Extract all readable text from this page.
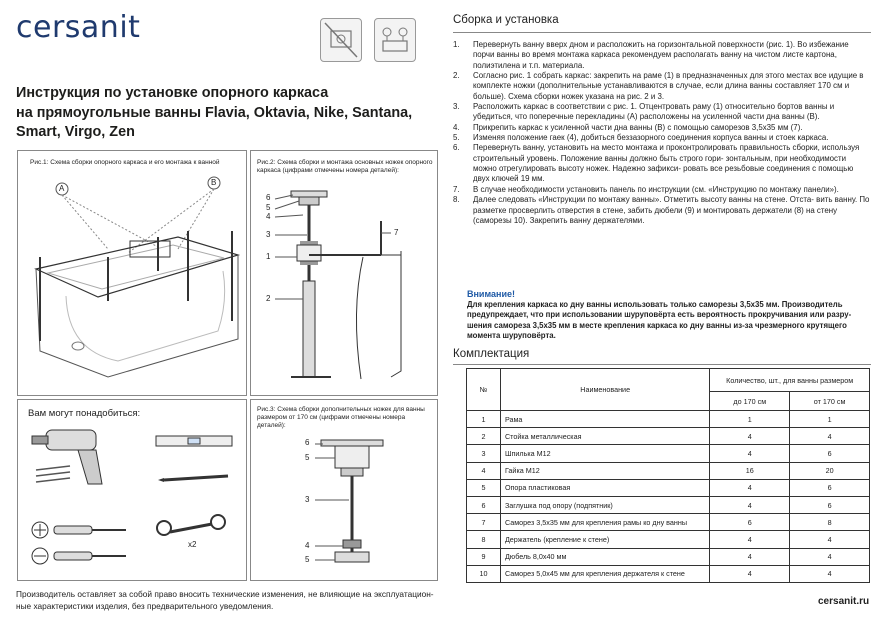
cersanit
Инструкция по установке опорного каркаса
на прямоугольные ванны Flavia, Oktavia, Nike, Santana,
Smart, Virgo, Zen
Рис.1: Схема сборки опорного каркаса и его монтажа к ванной
A
B
Рис.2: Схема сборки и монтажа основных ножек опорного каркаса (цифрами отмечены номера деталей):
6
5
4
3
1
2
7
Вам могут понадобиться:
x2
Рис.3: Схема сборки дополнительных ножек для ванны размером от 170 см (цифрами отмечены номера деталей):
6
5
3
4
5
Производитель оставляет за собой право вносить технические изменения, не влияющие на эксплуатацион- ные характеристики изделия, без предварительного уведомления.
Сборка и установка
1.	Перевернуть ванну вверх дном и расположить на горизонтальной поверхности (рис. 1). Во избежание порчи ванны во время монтажа каркаса рекомендуем располагать ванну на чистом листе картона, полиэтилена и т.п. материала.
2.	Согласно рис. 1 собрать каркас: закрепить на раме (1) в предназначенных для этого местах все идущие в комплекте ножки (дополнительные устанавливаются в случае, если длина ванны составляет 170 см и больше). Схема сборки ножек указана на рис. 2 и 3.
3.	Расположить каркас в соответствии с рис. 1. Отцентровать раму (1) относительно бортов ванны и убедиться, что поперечные перекладины (А) расположены на усиленной части дна ванны (В).
4.	Прикрепить каркас к усиленной части дна ванны (В) с помощью саморезов 3,5х35 мм (7).
5.	Изменяя положение гаек (4), добиться беззазорного соединения корпуса ванны и стоек каркаса.
6.	Перевернуть ванну, установить на место монтажа и проконтролировать правильность сборки, используя строительный уровень. Положение ванны должно быть строго гори- зонтальным, при необходимости можно отрегулировать высоту ножек. Надежно зафикси- ровать все резьбовые соединения с помощью двух ключей 19 мм.
7.	В случае необходимости установить панель по инструкции (см. «Инструкцию по монтажу панели»).
8.	Далее следовать «Инструкции по монтажу ванны». Отметить высоту ванны на стене. Отста- вить ванну. По разметке просверлить отверстия в стене, забить дюбели (9) и монтировать держатели (8) на стену (саморезы 10). Закрепить ванну держателями.
Внимание!
Для крепления каркаса ко дну ванны использовать только саморезы 3,5х35 мм. Производитель предупреждает, что при использовании шуруповёрта есть вероятность прокручивания или разру- шения самореза 3,5х35 мм в месте крепления каркаса ко дну ванны из-за чрезмерного крутящего момента шуруповёрта.
Комплектация
№	Наименование	Количество, шт., для ванны размером	
		до 170 см	от 170 см
1	Рама	1	1
2	Стойка металлическая	4	4
3	Шпилька М12	4	6
4	Гайка М12	16	20
5	Опора пластиковая	4	6
6	Заглушка под опору (подпятник)	4	6
7	Саморез 3,5х35 мм для крепления рамы ко дну ванны	6	8
8	Держатель (крепление к стене)	4	4
9	Дюбель 8,0х40 мм	4	4
10	Саморез 5,0х45 мм для крепления держателя к стене	4	4
cersanit.ru
